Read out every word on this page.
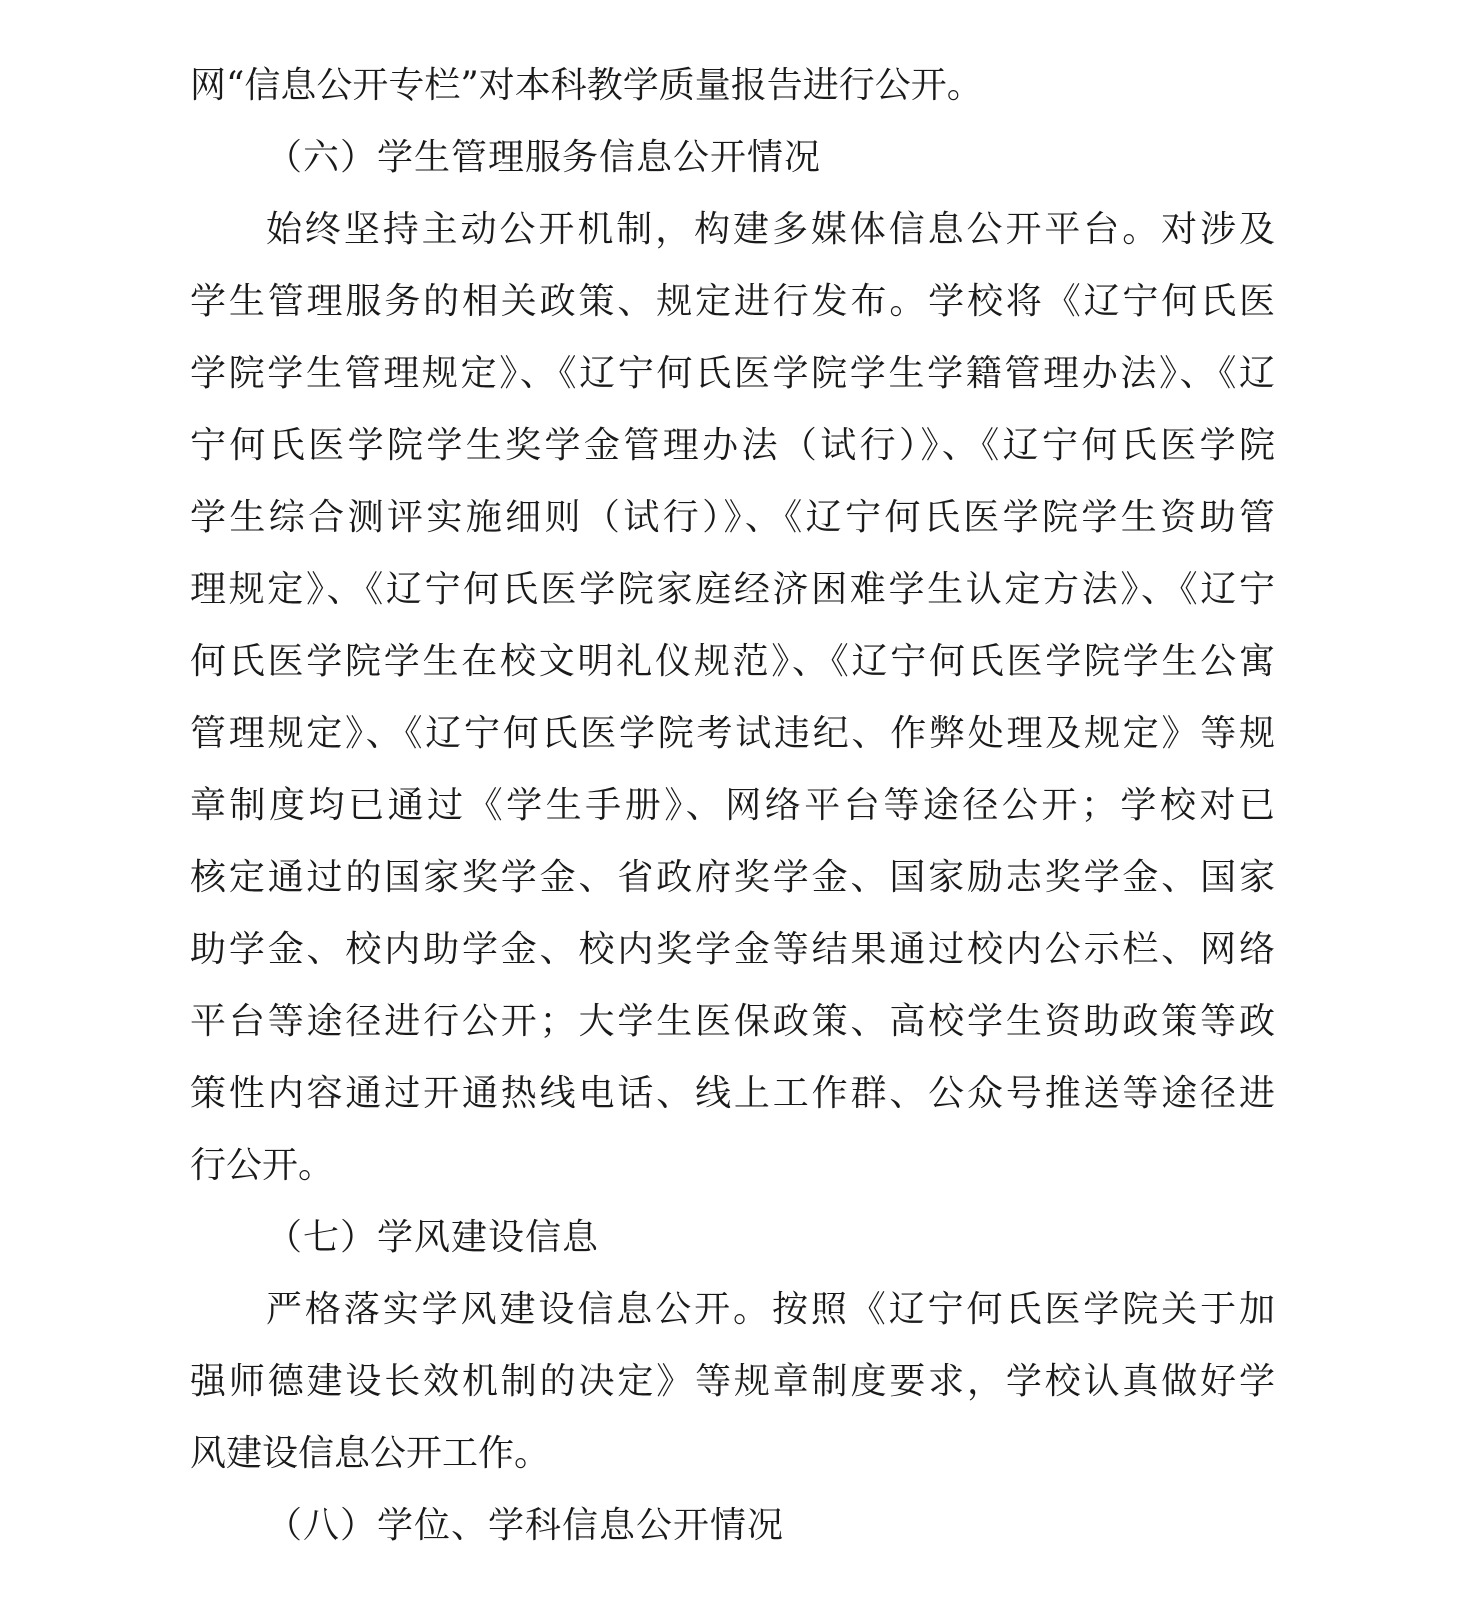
网“信息公开专栏”对本科教学质量报告进行公开。
（六）学生管理服务信息公开情况
始终坚持主动公开机制，构建多媒体信息公开平台。对涉及
学生管理服务的相关政策、规定进行发布。学校将《辽宁何氏医
学院学生管理规定》、《辽宁何氏医学院学生学籍管理办法》、《辽
宁何氏医学院学生奖学金管理办法（试行）》、《辽宁何氏医学院
学生综合测评实施细则（试行）》、《辽宁何氏医学院学生资助管
理规定》、《辽宁何氏医学院家庭经济困难学生认定方法》、《辽宁
何氏医学院学生在校文明礼仪规范》、《辽宁何氏医学院学生公寓
管理规定》、《辽宁何氏医学院考试违纪、作弊处理及规定》等规
章制度均已通过《学生手册》、网络平台等途径公开；学校对已
核定通过的国家奖学金、省政府奖学金、国家励志奖学金、国家
助学金、校内助学金、校内奖学金等结果通过校内公示栏、网络
平台等途径进行公开；大学生医保政策、高校学生资助政策等政
策性内容通过开通热线电话、线上工作群、公众号推送等途径进
行公开。
（七）学风建设信息
严格落实学风建设信息公开。按照《辽宁何氏医学院关于加
强师德建设长效机制的决定》等规章制度要求，学校认真做好学
风建设信息公开工作。
（八）学位、学科信息公开情况
